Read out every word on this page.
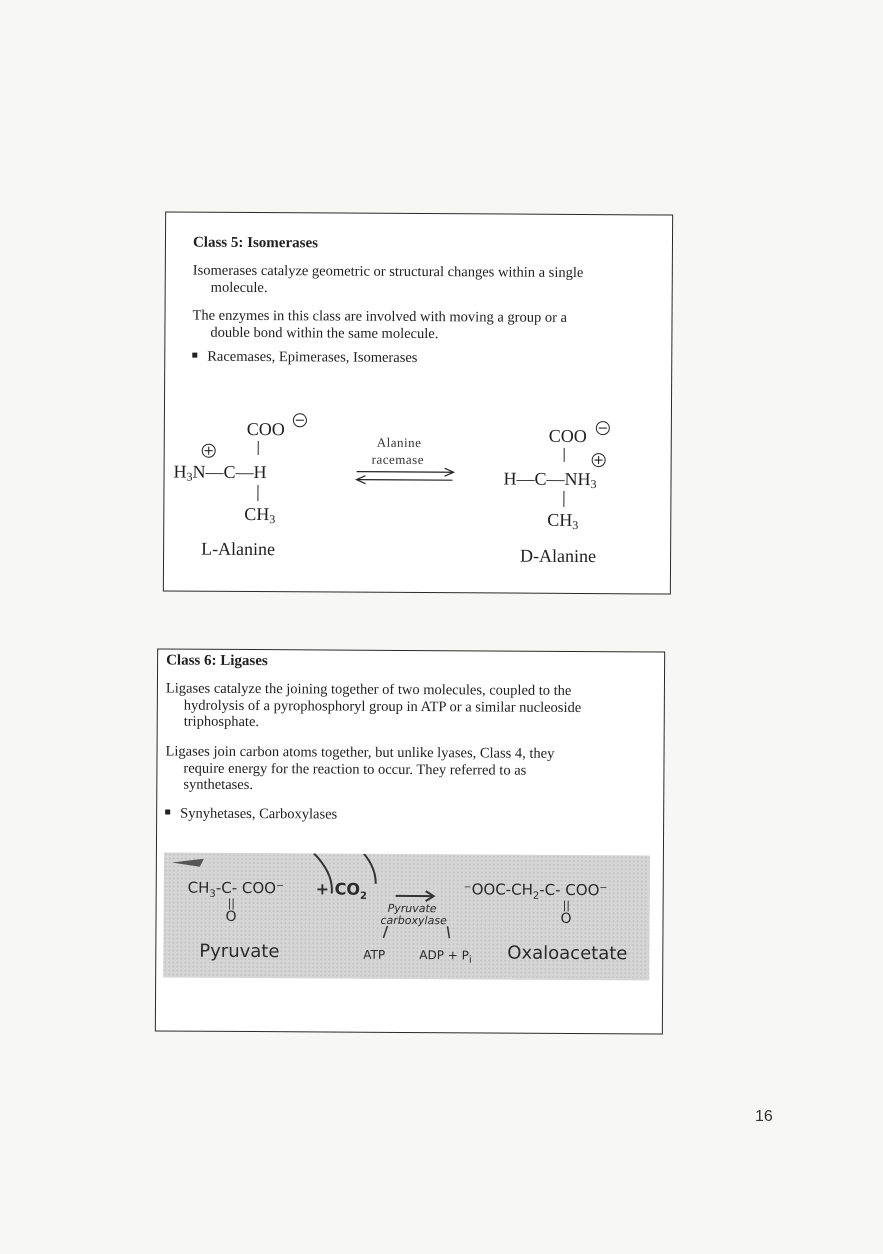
Class 5: Isomerases
Isomerases catalyze geometric or structural changes within a single
molecule.
The enzymes in this class are involved with moving a group or a
double bond within the same molecule.
Racemases, Epimerases, Isomerases
COO −
+
$H_3N—C—H$
$CH_3$
L-Alanine
Alanine
racemase
COO −
+
$H—C—NH_3$
$CH_3$
D-Alanine
Class 6: Ligases
Ligases catalyze the joining together of two molecules, coupled to the
hydrolysis of a pyrophosphoryl group in ATP or a similar nucleoside
triphosphate.
Ligases join carbon atoms together, but unlike lyases, Class 4, they
require energy for the reaction to occur. They referred to as
synthetases.
Synyhetases, Carboxylases
$CH_3-C-$ COO⁻
||
O
+ $CO_2$
Pyruvate
carboxylase
$^-OOC-CH_2-C-$ COO⁻
||
O
Pyruvate	ATP	ADP + $P_i$ Oxaloacetate
16
